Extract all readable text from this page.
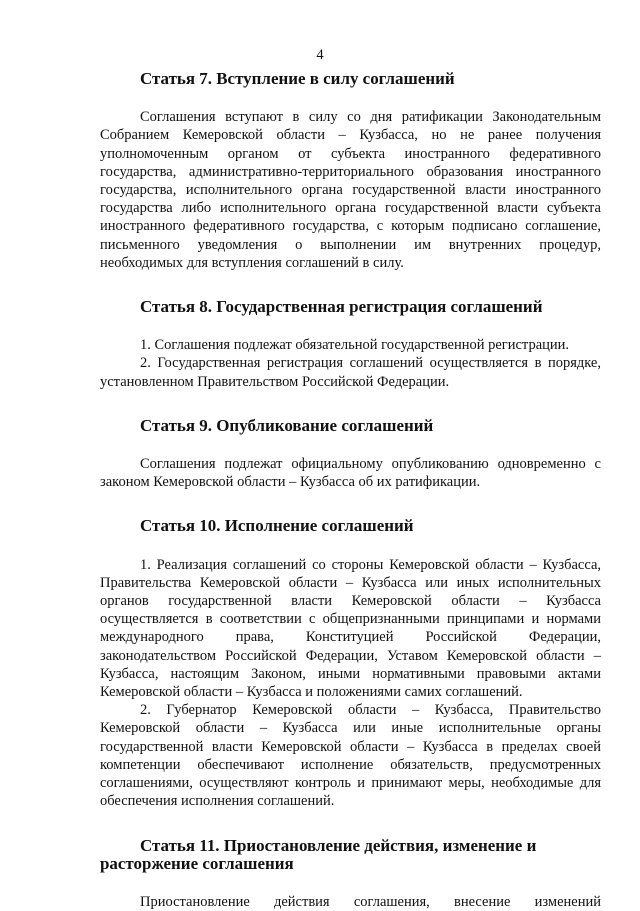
4
Статья 7. Вступление в силу соглашений

Соглашения вступают в силу со дня ратификации Законодательным Собранием Кемеровской области – Кузбасса, но не ранее получения уполномоченным органом от субъекта иностранного федеративного государства, административно-территориального образования иностранного государства, исполнительного органа государственной власти иностранного государства либо исполнительного органа государственной власти субъекта иностранного федеративного государства, с которым подписано соглашение, письменного уведомления о выполнении им внутренних процедур, необходимых для вступления соглашений в силу.

Статья 8. Государственная регистрация соглашений

1. Соглашения подлежат обязательной государственной регистрации.

2. Государственная регистрация соглашений осуществляется в порядке, установленном Правительством Российской Федерации.

Статья 9. Опубликование соглашений

Соглашения подлежат официальному опубликованию одновременно с законом Кемеровской области – Кузбасса об их ратификации.

Статья 10. Исполнение соглашений

1. Реализация соглашений со стороны Кемеровской области – Кузбасса, Правительства Кемеровской области – Кузбасса или иных исполнительных органов государственной власти Кемеровской области – Кузбасса осуществляется в соответствии с общепризнанными принципами и нормами международного права, Конституцией Российской Федерации, законодательством Российской Федерации, Уставом Кемеровской области – Кузбасса, настоящим Законом, иными нормативными правовыми актами Кемеровской области – Кузбасса и положениями самих соглашений.

2. Губернатор Кемеровской области – Кузбасса, Правительство Кемеровской области – Кузбасса или иные исполнительные органы государственной власти Кемеровской области – Кузбасса в пределах своей компетенции обеспечивают исполнение обязательств, предусмотренных соглашениями, осуществляют контроль и принимают меры, необходимые для обеспечения исполнения соглашений.

Статья 11. Приостановление действия, изменение и расторжение соглашения

Приостановление действия соглашения, внесение изменений
